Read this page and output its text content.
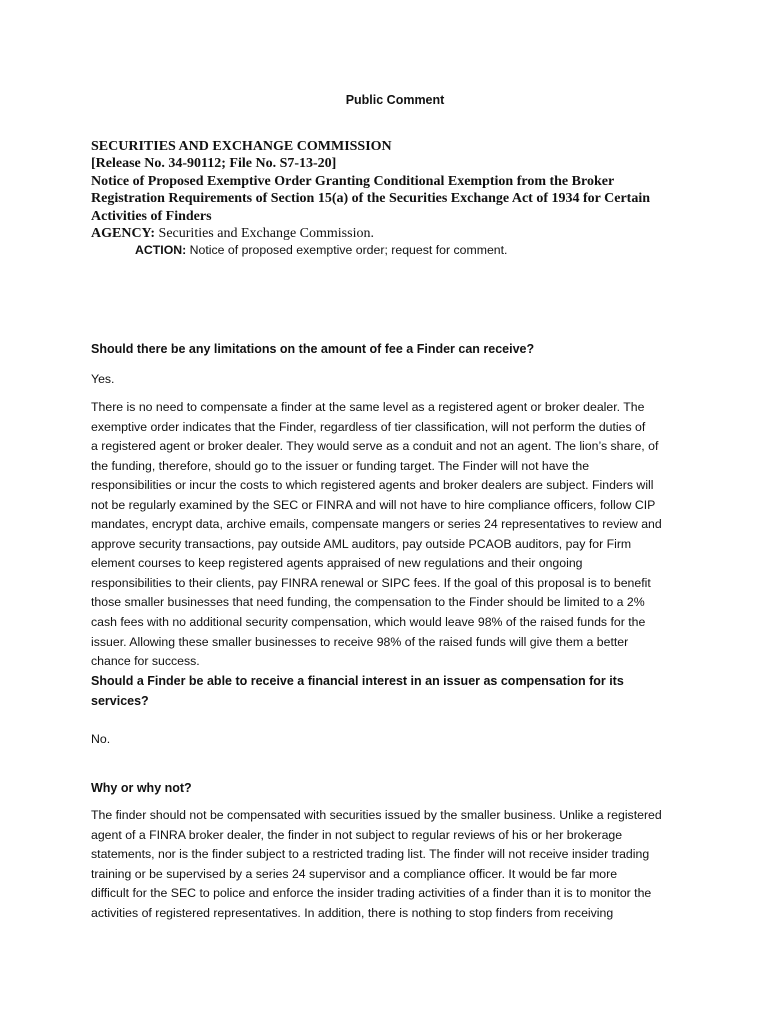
Public Comment
SECURITIES AND EXCHANGE COMMISSION
[Release No. 34-90112; File No. S7-13-20]
Notice of Proposed Exemptive Order Granting Conditional Exemption from the Broker
Registration Requirements of Section 15(a) of the Securities Exchange Act of 1934 for Certain
Activities of Finders
AGENCY: Securities and Exchange Commission.
ACTION: Notice of proposed exemptive order; request for comment.
Should there be any limitations on the amount of fee a Finder can receive?
Yes.
There is no need to compensate a finder at the same level as a registered agent or broker dealer. The
exemptive order indicates that the Finder, regardless of tier classification, will not perform the duties of
a registered agent or broker dealer. They would serve as a conduit and not an agent. The lion’s share, of
the funding, therefore, should go to the issuer or funding target. The Finder will not have the
responsibilities or incur the costs to which registered agents and broker dealers are subject. Finders will
not be regularly examined by the SEC or FINRA and will not have to hire compliance officers, follow CIP
mandates, encrypt data, archive emails, compensate mangers or series 24 representatives to review and
approve security transactions, pay outside AML auditors, pay outside PCAOB auditors, pay for Firm
element courses to keep registered agents appraised of new regulations and their ongoing
responsibilities to their clients, pay FINRA renewal or SIPC fees. If the goal of this proposal is to benefit
those smaller businesses that need funding, the compensation to the Finder should be limited to a 2%
cash fees with no additional security compensation, which would leave 98% of the raised funds for the
issuer. Allowing these smaller businesses to receive 98% of the raised funds will give them a better
chance for success.
Should a Finder be able to receive a financial interest in an issuer as compensation for its
services?
No.
Why or why not?
The finder should not be compensated with securities issued by the smaller business. Unlike a registered
agent of a FINRA broker dealer, the finder in not subject to regular reviews of his or her brokerage
statements, nor is the finder subject to a restricted trading list. The finder will not receive insider trading
training or be supervised by a series 24 supervisor and a compliance officer. It would be far more
difficult for the SEC to police and enforce the insider trading activities of a finder than it is to monitor the
activities of registered representatives. In addition, there is nothing to stop finders from receiving
